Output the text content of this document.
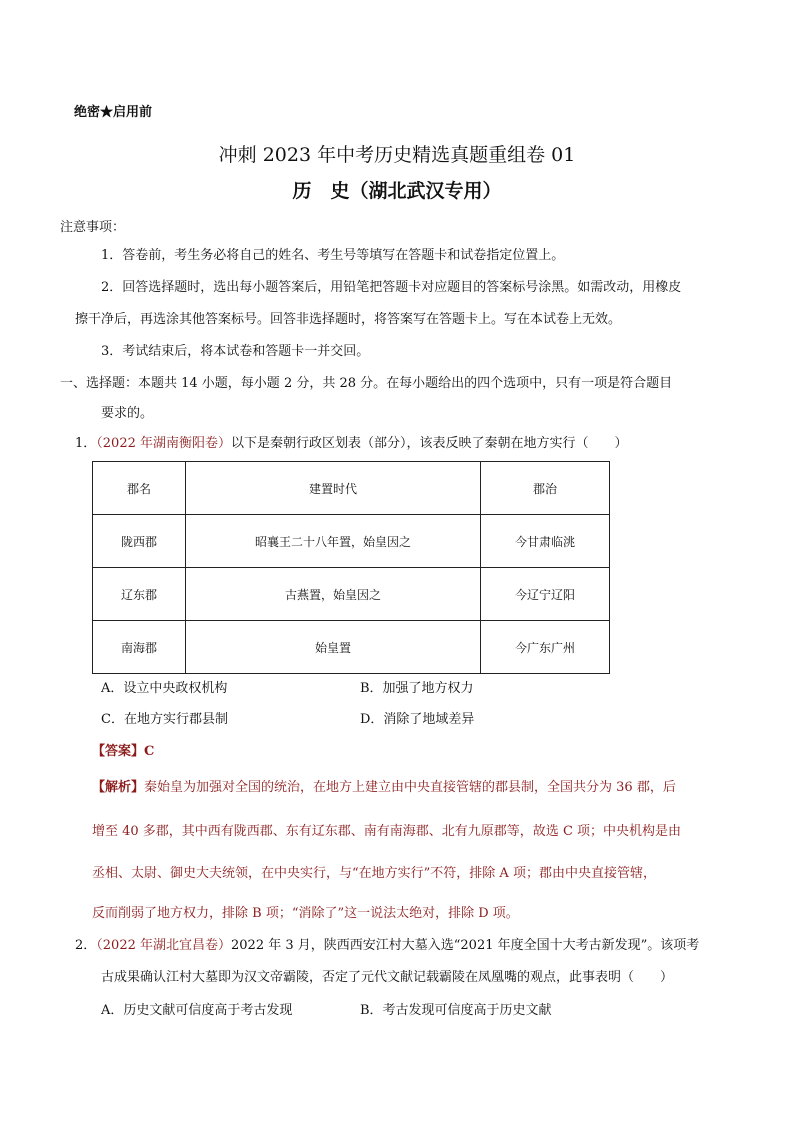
绝密★启用前
冲刺 2023 年中考历史精选真题重组卷 01
历　史（湖北武汉专用）
注意事项：
1．答卷前，考生务必将自己的姓名、考生号等填写在答题卡和试卷指定位置上。
2．回答选择题时，选出每小题答案后，用铅笔把答题卡对应题目的答案标号涂黑。如需改动，用橡皮
擦干净后，再选涂其他答案标号。回答非选择题时，将答案写在答题卡上。写在本试卷上无效。
3．考试结束后，将本试卷和答题卡一并交回。
一、选择题：本题共 14 小题，每小题 2 分，共 28 分。在每小题给出的四个选项中，只有一项是符合题目
要求的。
1．（2022 年湖南衡阳卷）以下是秦朝行政区划表（部分），该表反映了秦朝在地方实行（　　）
郡名	建置时代	郡治
陇西郡	昭襄王二十八年置，始皇因之	今甘肃临洮
辽东郡	古燕置，始皇因之	今辽宁辽阳
南海郡	始皇置	今广东广州
A．设立中央政权机构	B．加强了地方权力
C．在地方实行郡县制	D．消除了地域差异
【答案】C
【解析】秦始皇为加强对全国的统治，在地方上建立由中央直接管辖的郡县制，全国共分为 36 郡，后
增至 40 多郡，其中西有陇西郡、东有辽东郡、南有南海郡、北有九原郡等，故选 C 项；中央机构是由
丞相、太尉、御史大夫统领，在中央实行，与“在地方实行”不符，排除 A 项；郡由中央直接管辖，
反而削弱了地方权力，排除 B 项；“消除了”这一说法太绝对，排除 D 项。
2．（2022 年湖北宜昌卷）2022 年 3 月，陕西西安江村大墓入选“2021 年度全国十大考古新发现”。该项考
古成果确认江村大墓即为汉文帝霸陵，否定了元代文献记载霸陵在凤凰嘴的观点，此事表明（　　）
A．历史文献可信度高于考古发现	B．考古发现可信度高于历史文献
